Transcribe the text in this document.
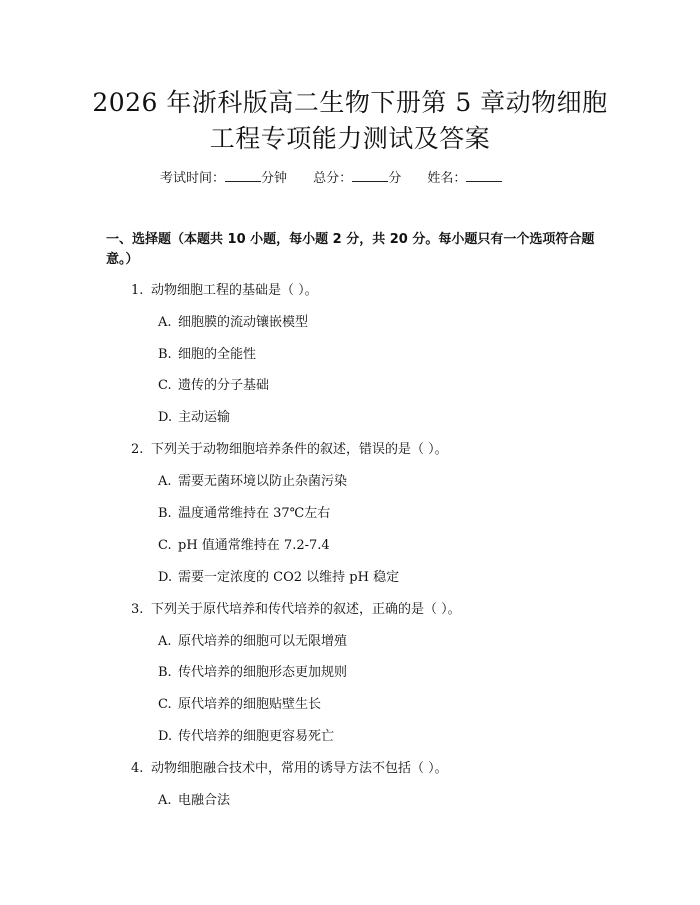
2026 年浙科版高二生物下册第 5 章动物细胞
工程专项能力测试及答案
考试时间：	分钟 总分：	分 姓名：
一、选择题（本题共 10 小题，每小题 2 分，共 20 分。每小题只有一个选项符合题意。）
1. 动物细胞工程的基础是（ ）。
A. 细胞膜的流动镶嵌模型
B. 细胞的全能性
C. 遗传的分子基础
D. 主动运输
2. 下列关于动物细胞培养条件的叙述，错误的是（ ）。
A. 需要无菌环境以防止杂菌污染
B. 温度通常维持在 37℃左右
C. pH 值通常维持在 7.2-7.4
D. 需要一定浓度的 CO2 以维持 pH 稳定
3. 下列关于原代培养和传代培养的叙述，正确的是（ ）。
A. 原代培养的细胞可以无限增殖
B. 传代培养的细胞形态更加规则
C. 原代培养的细胞贴壁生长
D. 传代培养的细胞更容易死亡
4. 动物细胞融合技术中，常用的诱导方法不包括（ ）。
A. 电融合法
